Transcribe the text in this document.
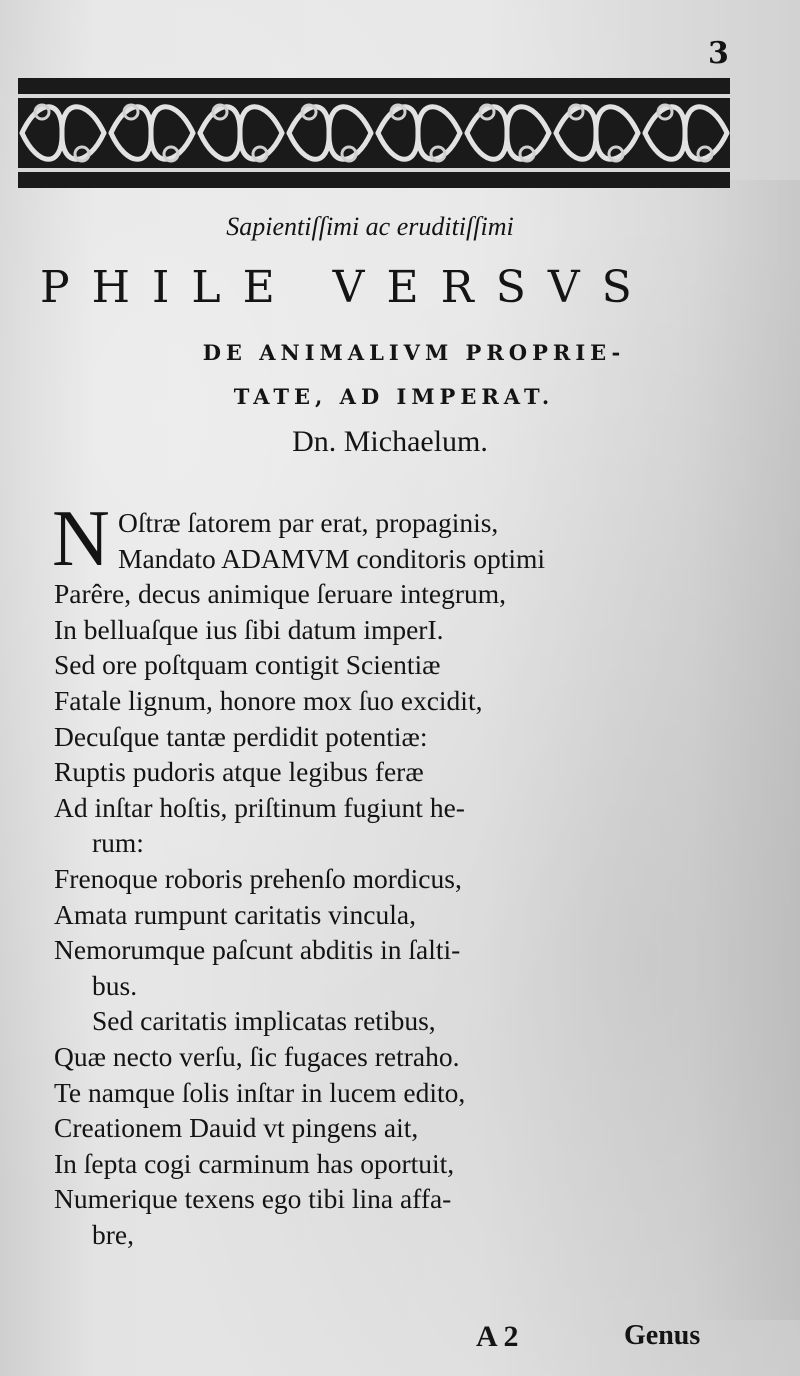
3
Sapientiſſimi ac eruditiſſimi
PHILE VERSVS
DE ANIMALIVM PROPRIE-
TATE, AD IMPERAT.
Dn. Michaelum.
N Oſtræ ſatorem par erat, propaginis,
Mandato ADAMVM conditoris optimi
Parêre, decus animique ſeruare integrum,
In belluaſque ius ſibi datum imperI.
Sed ore poſtquam contigit Scientiæ
Fatale lignum, honore mox ſuo excidit,
Decuſque tantæ perdidit potentiæ:
Ruptis pudoris atque legibus feræ
Ad inſtar hoſtis, priſtinum fugiunt he-
rum:
Frenoque roboris prehenſo mordicus,
Amata rumpunt caritatis vincula,
Nemorumque paſcunt abditis in ſalti-
bus.
Sed caritatis implicatas retibus,
Quæ necto verſu, ſic fugaces retraho.
Te namque ſolis inſtar in lucem edito,
Creationem Dauid vt pingens ait,
In ſepta cogi carminum has oportuit,
Numerique texens ego tibi lina affa-
bre,
A 2	Genus
